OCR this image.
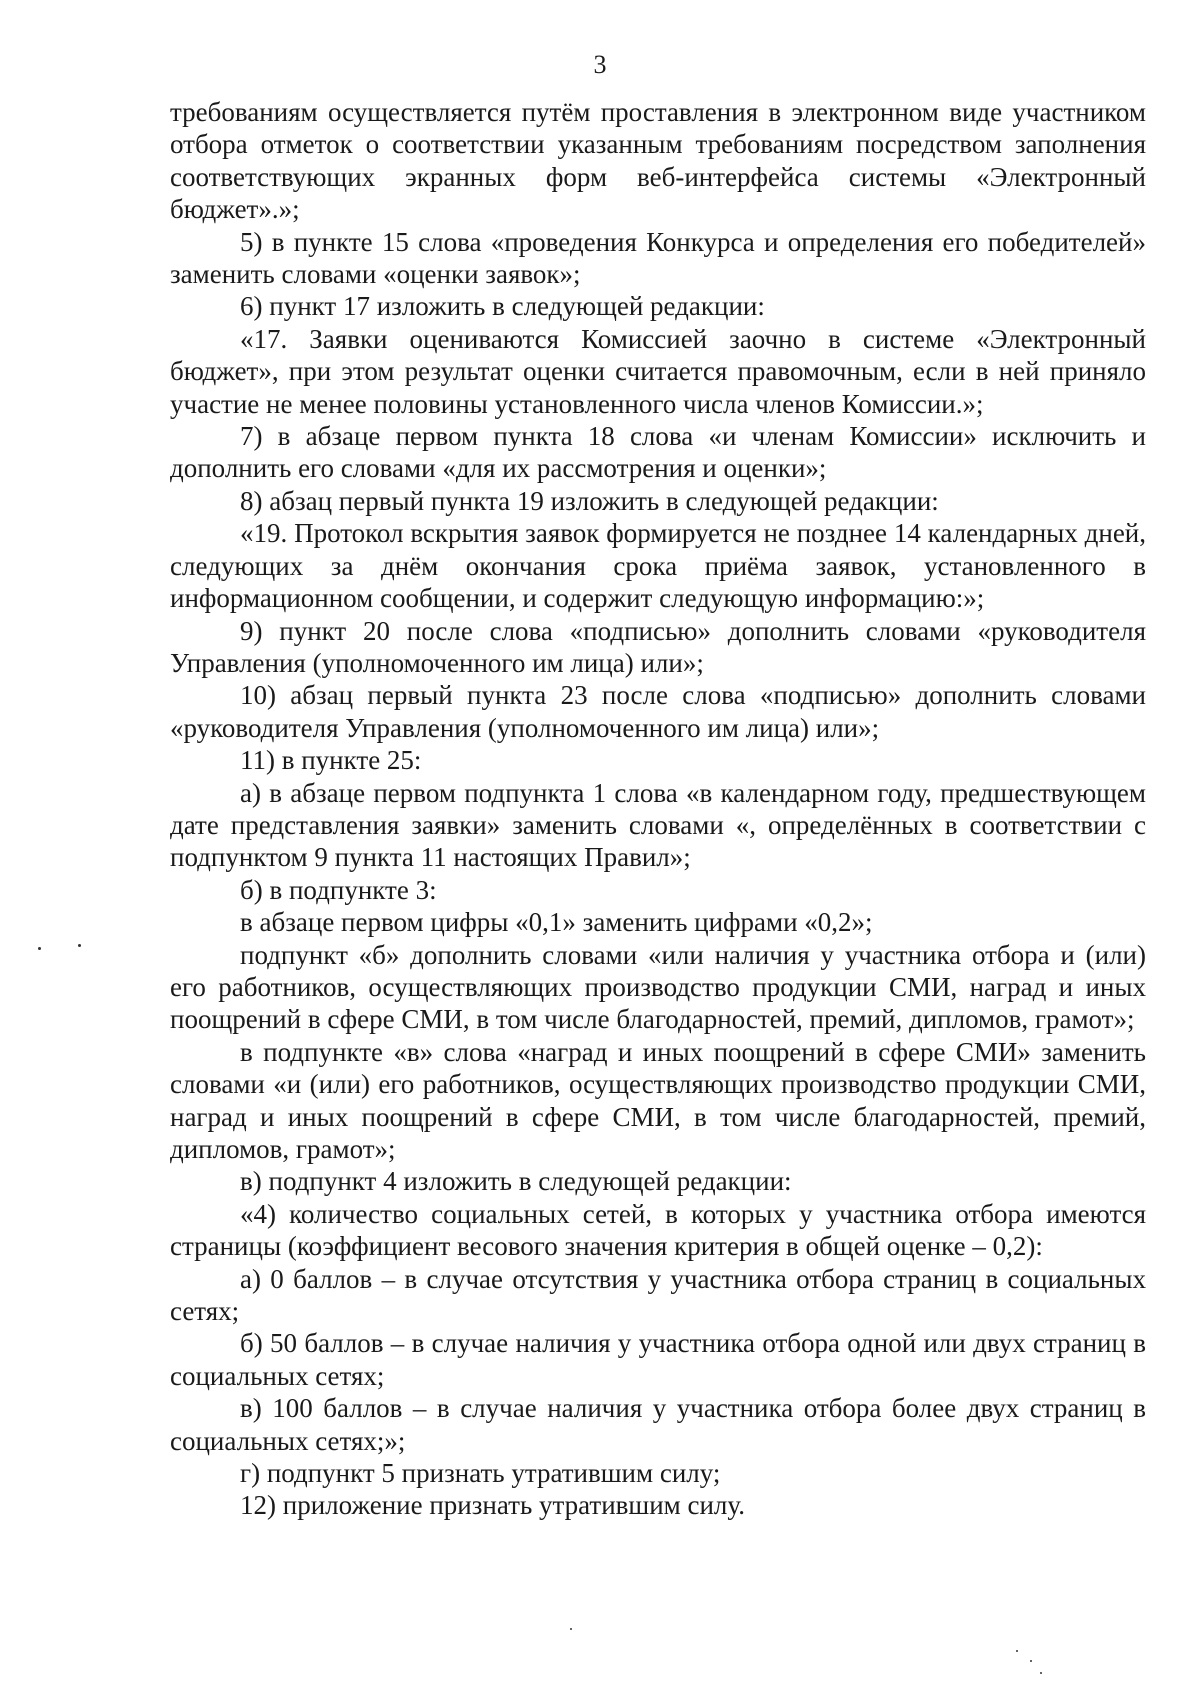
3

требованиям осуществляется путём проставления в электронном виде участником отбора отметок о соответствии указанным требованиям посредством заполнения соответствующих экранных форм веб-интерфейса системы «Электронный бюджет».»;

5) в пункте 15 слова «проведения Конкурса и определения его победителей» заменить словами «оценки заявок»;

6) пункт 17 изложить в следующей редакции:

«17. Заявки оцениваются Комиссией заочно в системе «Электронный бюджет», при этом результат оценки считается правомочным, если в ней приняло участие не менее половины установленного числа членов Комиссии.»;

7) в абзаце первом пункта 18 слова «и членам Комиссии» исключить и дополнить его словами «для их рассмотрения и оценки»;

8) абзац первый пункта 19 изложить в следующей редакции:

«19. Протокол вскрытия заявок формируется не позднее 14 календарных дней, следующих за днём окончания срока приёма заявок, установленного в информационном сообщении, и содержит следующую информацию:»;

9) пункт 20 после слова «подписью» дополнить словами «руководителя Управления (уполномоченного им лица) или»;

10) абзац первый пункта 23 после слова «подписью» дополнить словами «руководителя Управления (уполномоченного им лица) или»;

11) в пункте 25:

а) в абзаце первом подпункта 1 слова «в календарном году, предшествующем дате представления заявки» заменить словами «, определённых в соответствии с подпунктом 9 пункта 11 настоящих Правил»;

б) в подпункте 3:

в абзаце первом цифры «0,1» заменить цифрами «0,2»;

подпункт «б» дополнить словами «или наличия у участника отбора и (или) его работников, осуществляющих производство продукции СМИ, наград и иных поощрений в сфере СМИ, в том числе благодарностей, премий, дипломов, грамот»;

в подпункте «в» слова «наград и иных поощрений в сфере СМИ» заменить словами «и (или) его работников, осуществляющих производство продукции СМИ, наград и иных поощрений в сфере СМИ, в том числе благодарностей, премий, дипломов, грамот»;

в) подпункт 4 изложить в следующей редакции:

«4) количество социальных сетей, в которых у участника отбора имеются страницы (коэффициент весового значения критерия в общей оценке – 0,2):

а) 0 баллов – в случае отсутствия у участника отбора страниц в социальных сетях;

б) 50 баллов – в случае наличия у участника отбора одной или двух страниц в социальных сетях;

в) 100 баллов – в случае наличия у участника отбора более двух страниц в социальных сетях;»;

г) подпункт 5 признать утратившим силу;

12) приложение признать утратившим силу.
